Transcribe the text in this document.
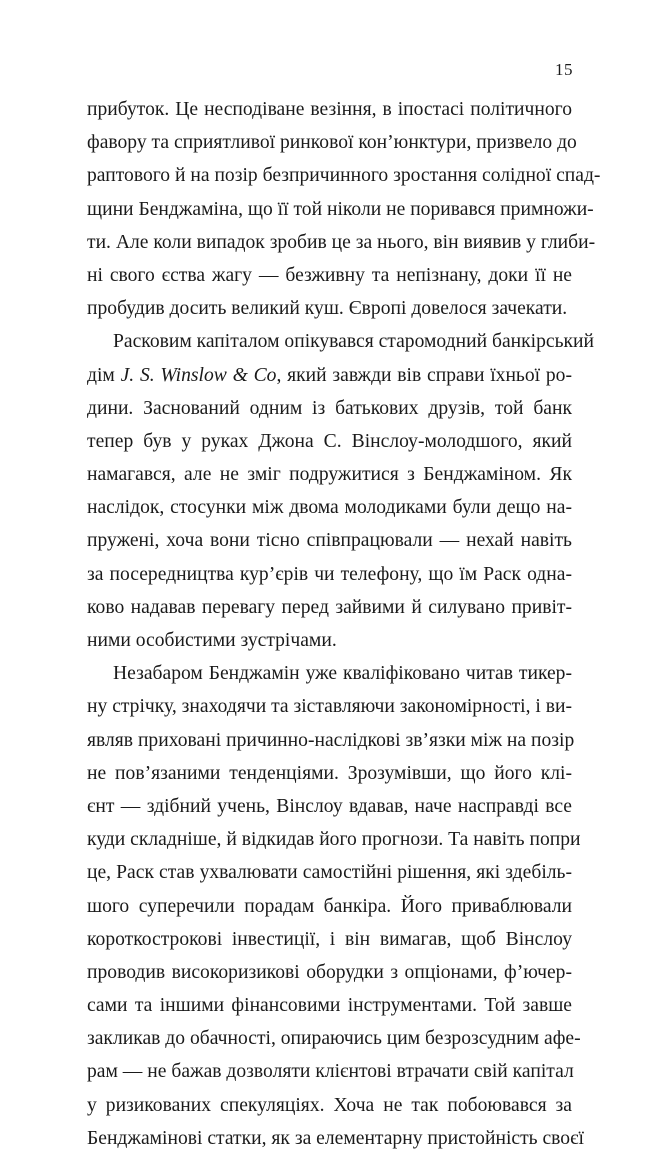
15
прибуток. Це несподіване везіння, в іпостасі політичного
фавору та сприятливої ринкової кон’юнктури, призвело до
раптового й на позір безпричинного зростання солідної спад-
щини Бенджаміна, що її той ніколи не поривався примножи-
ти. Але коли випадок зробив це за нього, він виявив у глиби-
ні свого єства жагу — безживну та непізнану, доки її не
пробудив досить великий куш. Європі довелося зачекати.
Расковим капіталом опікувався старомодний банкірський
дім J. S. Winslow & Co, який завжди вів справи їхньої ро-
дини. Заснований одним із батькових друзів, той банк
тепер був у руках Джона С. Вінслоу-молодшого, який
намагався, але не зміг подружитися з Бенджаміном. Як
наслідок, стосунки між двома молодиками були дещо на-
пружені, хоча вони тісно співпрацювали — нехай навіть
за посередництва кур’єрів чи телефону, що їм Раск одна-
ково надавав перевагу перед зайвими й силувано привіт-
ними особистими зустрічами.
Незабаром Бенджамін уже кваліфіковано читав тикер-
ну стрічку, знаходячи та зіставляючи закономірності, і ви-
являв приховані причинно-наслідкові зв’язки між на позір
не пов’язаними тенденціями. Зрозумівши, що його клі-
єнт — здібний учень, Вінслоу вдавав, наче насправді все
куди складніше, й відкидав його прогнози. Та навіть попри
це, Раск став ухвалювати самостійні рішення, які здебіль-
шого суперечили порадам банкіра. Його приваблювали
короткострокові інвестиції, і він вимагав, щоб Вінслоу
проводив високоризикові оборудки з опціонами, ф’ючер-
сами та іншими фінансовими інструментами. Той завше
закликав до обачності, опираючись цим безрозсудним афе-
рам — не бажав дозволяти клієнтові втрачати свій капітал
у ризикованих спекуляціях. Хоча не так побоювався за
Бенджамінові статки, як за елементарну пристойність своєї
